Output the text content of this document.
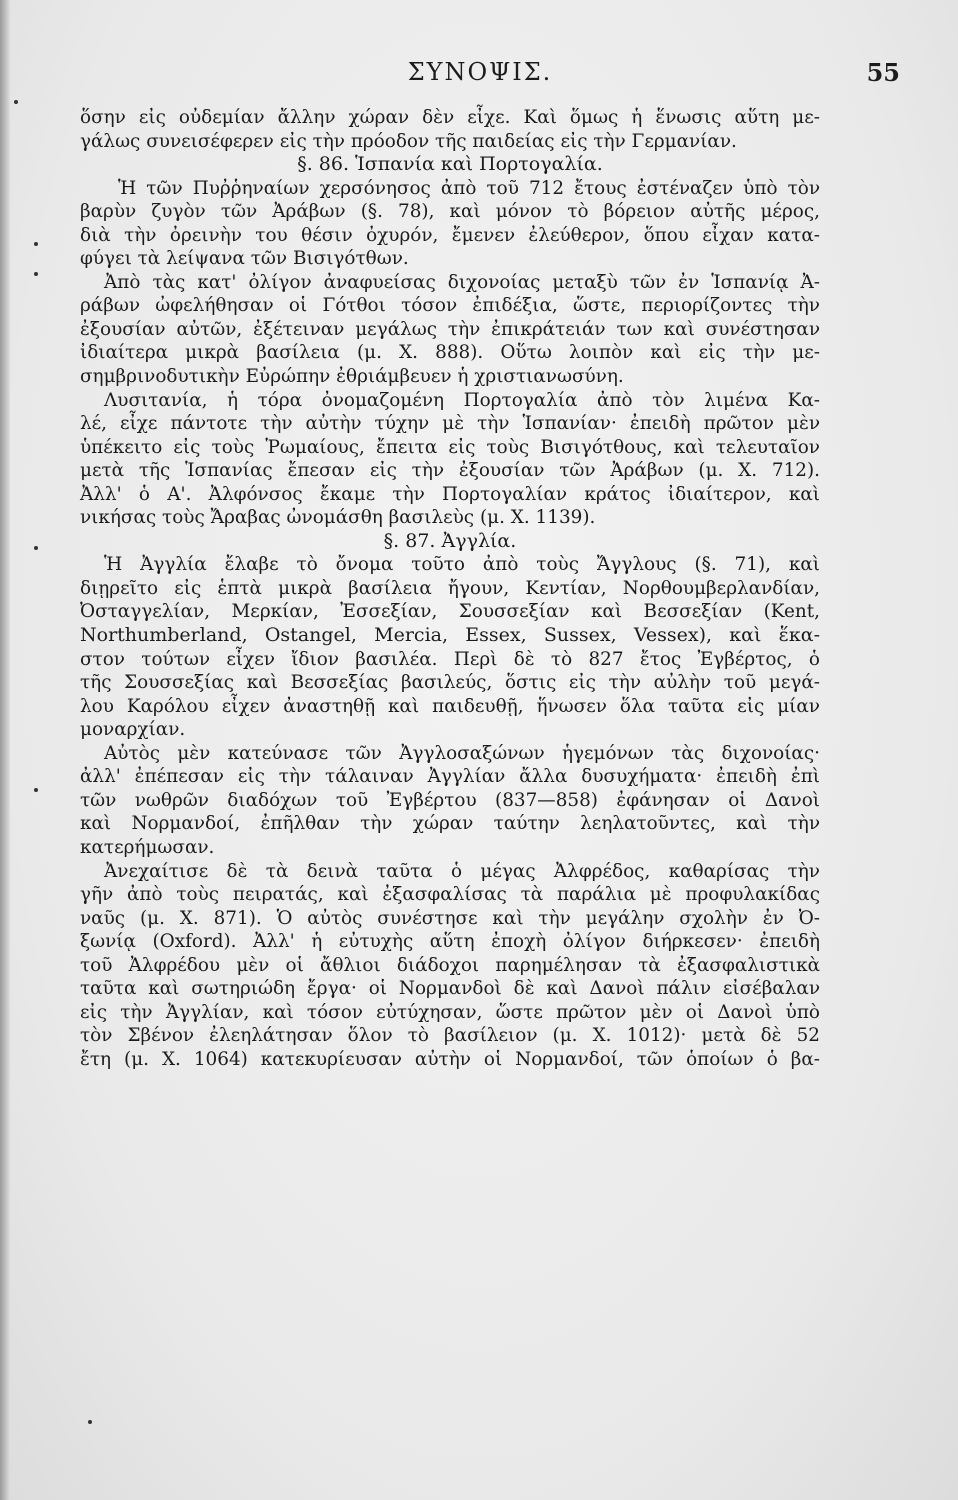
ΣΥΝΟΨΙΣ.	55
ὅσην εἰς οὐδεμίαν ἄλλην χώραν δὲν εἶχε. Καὶ ὅμως ἡ ἕνωσις αὕτη με-
γάλως συνεισέφερεν εἰς τὴν πρόοδον τῆς παιδείας εἰς τὴν Γερμανίαν.
§. 86. Ἱσπανία καὶ Πορτογαλία.
Ἡ τῶν Πυῤῥηναίων χερσόνησος ἀπὸ τοῦ 712 ἔτους ἐστέναζεν ὑπὸ τὸν
βαρὺν ζυγὸν τῶν Ἀράβων (§. 78), καὶ μόνον τὸ βόρειον αὐτῆς μέρος,
διὰ τὴν ὀρεινὴν του θέσιν ὀχυρόν, ἔμενεν ἐλεύθερον, ὅπου εἶχαν κατα-
φύγει τὰ λείψανα τῶν Βισιγότθων.
Ἀπὸ τὰς κατ' ὀλίγον ἀναφυείσας διχονοίας μεταξὺ τῶν ἐν Ἱσπανίᾳ Ἀ-
ράβων ὠφελήθησαν οἱ Γότθοι τόσον ἐπιδέξια, ὥστε, περιορίζοντες τὴν
ἐξουσίαν αὐτῶν, ἐξέτειναν μεγάλως τὴν ἐπικράτειάν των καὶ συνέστησαν
ἰδιαίτερα μικρὰ βασίλεια (μ. Χ. 888). Οὕτω λοιπὸν καὶ εἰς τὴν με-
σημβρινοδυτικὴν Εὐρώπην ἐθριάμβευεν ἡ χριστιανωσύνη.
Λυσιτανία, ἡ τόρα ὀνομαζομένη Πορτογαλία ἀπὸ τὸν λιμένα Κα-
λέ, εἶχε πάντοτε τὴν αὐτὴν τύχην μὲ τὴν Ἱσπανίαν· ἐπειδὴ πρῶτον μὲν
ὑπέκειτο εἰς τοὺς Ῥωμαίους, ἔπειτα εἰς τοὺς Βισιγότθους, καὶ τελευταῖον
μετὰ τῆς Ἱσπανίας ἔπεσαν εἰς τὴν ἐξουσίαν τῶν Ἀράβων (μ. Χ. 712).
Ἀλλ' ὁ Α'. Ἀλφόνσος ἔκαμε τὴν Πορτογαλίαν κράτος ἰδιαίτερον, καὶ
νικήσας τοὺς Ἄραβας ὠνομάσθη βασιλεὺς (μ. Χ. 1139).
§. 87. Ἀγγλία.
Ἡ Ἀγγλία ἔλαβε τὸ ὄνομα τοῦτο ἀπὸ τοὺς Ἄγγλους (§. 71), καὶ
διῃρεῖτο εἰς ἑπτὰ μικρὰ βασίλεια ἤγουν, Κεντίαν, Νορθουμβερλανδίαν,
Ὀσταγγελίαν, Μερκίαν, Ἐσσεξίαν, Σουσσεξίαν καὶ Βεσσεξίαν (Kent,
Northumberland, Ostangel, Mercia, Essex, Sussex, Vessex), καὶ ἕκα-
στον τούτων εἶχεν ἴδιον βασιλέα. Περὶ δὲ τὸ 827 ἔτος Ἐγβέρτος, ὁ
τῆς Σουσσεξίας καὶ Βεσσεξίας βασιλεύς, ὅστις εἰς τὴν αὐλὴν τοῦ μεγά-
λου Καρόλου εἶχεν ἀναστηθῇ καὶ παιδευθῇ, ἥνωσεν ὅλα ταῦτα εἰς μίαν
μοναρχίαν.
Αὐτὸς μὲν κατεύνασε τῶν Ἀγγλοσαξώνων ἡγεμόνων τὰς διχονοίας·
ἀλλ' ἐπέπεσαν εἰς τὴν τάλαιναν Ἀγγλίαν ἄλλα δυσυχήματα· ἐπειδὴ ἐπὶ
τῶν νωθρῶν διαδόχων τοῦ Ἐγβέρτου (837—858) ἐφάνησαν οἱ Δανοὶ
καὶ Νορμανδοί, ἐπῆλθαν τὴν χώραν ταύτην λεηλατοῦντες, καὶ τὴν
κατερήμωσαν.
Ἀνεχαίτισε δὲ τὰ δεινὰ ταῦτα ὁ μέγας Ἀλφρέδος, καθαρίσας τὴν
γῆν ἀπὸ τοὺς πειρατάς, καὶ ἐξασφαλίσας τὰ παράλια μὲ προφυλακίδας
ναῦς (μ. Χ. 871). Ὁ αὐτὸς συνέστησε καὶ τὴν μεγάλην σχολὴν ἐν Ὀ-
ξωνίᾳ (Oxford). Ἀλλ' ἡ εὐτυχὴς αὕτη ἐποχὴ ὀλίγον διήρκεσεν· ἐπειδὴ
τοῦ Ἀλφρέδου μὲν οἱ ἄθλιοι διάδοχοι παρημέλησαν τὰ ἐξασφαλιστικὰ
ταῦτα καὶ σωτηριώδη ἔργα· οἱ Νορμανδοὶ δὲ καὶ Δανοὶ πάλιν εἰσέβαλαν
εἰς τὴν Ἀγγλίαν, καὶ τόσον εὐτύχησαν, ὥστε πρῶτον μὲν οἱ Δανοὶ ὑπὸ
τὸν Σβένον ἐλεηλάτησαν ὅλον τὸ βασίλειον (μ. Χ. 1012)· μετὰ δὲ 52
ἔτη (μ. Χ. 1064) κατεκυρίευσαν αὐτὴν οἱ Νορμανδοί, τῶν ὁποίων ὁ βα-
